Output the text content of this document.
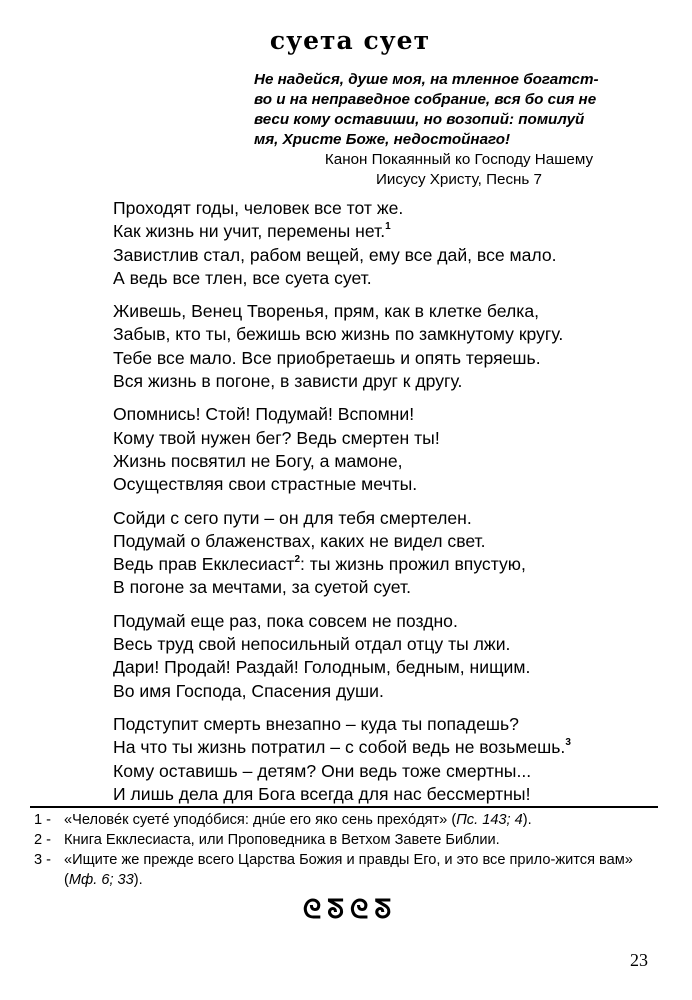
суета сует
Не надейся, душе моя, на тленное богатст-
во и на неправедное собрание, вся бо сия не
веси кому оставиши, но возопий: помилуй
мя, Христе Боже, недостойнаго!
Канон Покаянный ко Господу Нашему
Иисусу Христу, Песнь 7
Проходят годы, человек все тот же.
Как жизнь ни учит, перемены нет.$^1$
Завистлив стал, рабом вещей, ему все дай, все мало.
А ведь все тлен, все суета сует.
Живешь, Венец Творенья, прям, как в клетке белка,
Забыв, кто ты, бежишь всю жизнь по замкнутому кругу.
Тебе все мало. Все приобретаешь и опять теряешь.
Вся жизнь в погоне, в зависти друг к другу.
Опомнись! Стой! Подумай! Вспомни!
Кому твой нужен бег? Ведь смертен ты!
Жизнь посвятил не Богу, а мамоне,
Осуществляя свои страстные мечты.
Сойди с сего пути – он для тебя смертелен.
Подумай о блаженствах, каких не видел свет.
Ведь прав Екклесиаст$^2$: ты жизнь прожил впустую,
В погоне за мечтами, за суетой сует.
Подумай еще раз, пока совсем не поздно.
Весь труд свой непосильный отдал отцу ты лжи.
Дари! Продай! Раздай! Голодным, бедным, нищим.
Во имя Господа, Спасения души.
Подступит смерть внезапно – куда ты попадешь?
На что ты жизнь потратил – с собой ведь не возьмешь.$^3$
Кому оставишь – детям? Они ведь тоже смертны...
И лишь дела для Бога всегда для нас бессмертны!
1 - «Человéк суетé уподóбися: днúе его яко сень прехóдят» (Пс. 143; 4).
2 - Книга Екклесиаста, или Проповедника в Ветхом Завете Библии.
3 - «Ищите же прежде всего Царства Божия и правды Его, и это все прило-жится вам» (Мф. 6; 33).
ᘓᘕᘓᘕ
23
